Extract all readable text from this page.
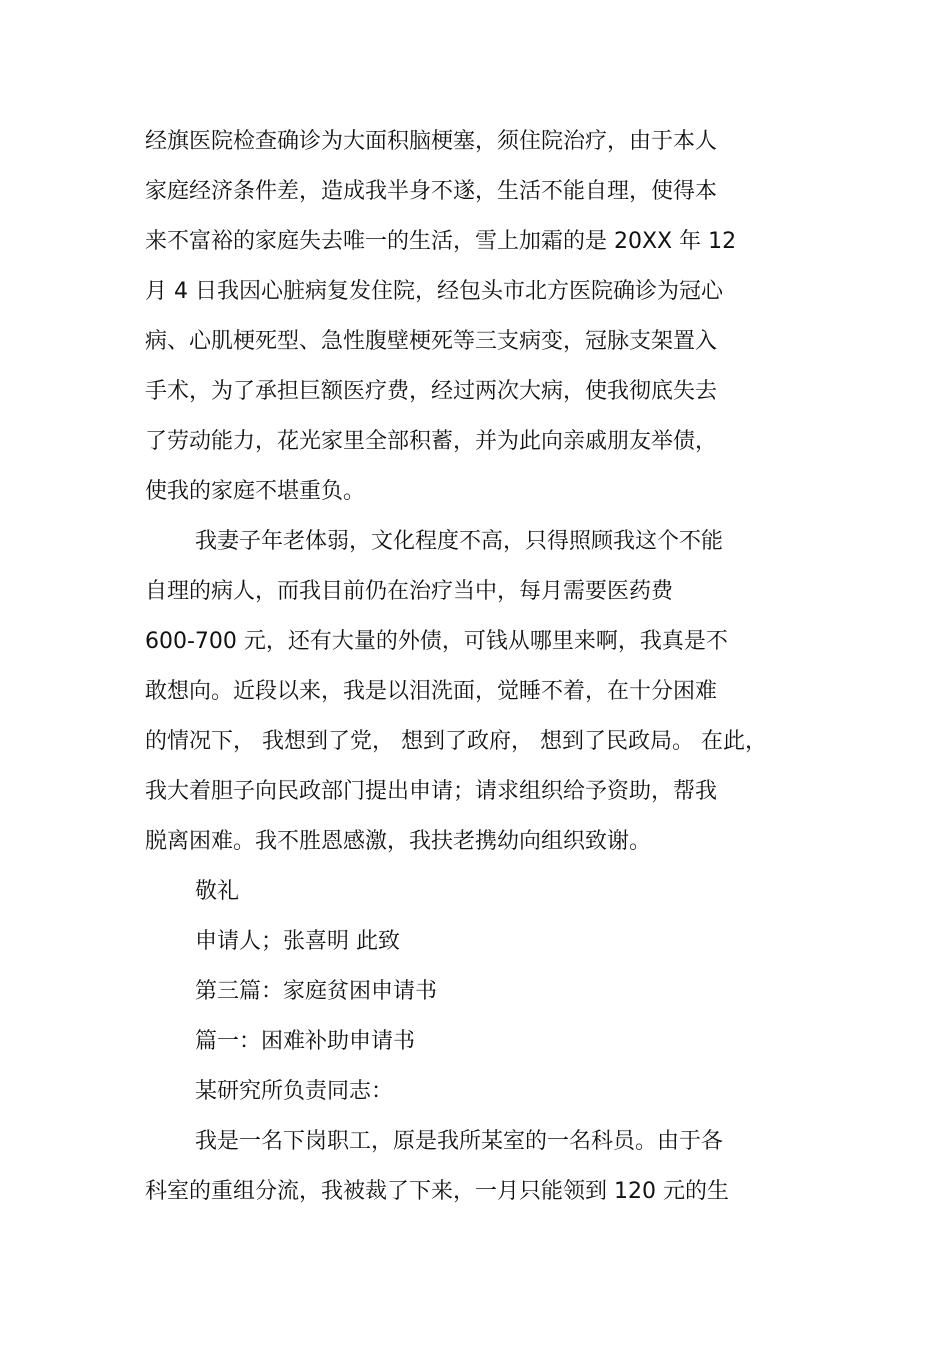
经旗医院检查确诊为大面积脑梗塞，须住院治疗，由于本人
家庭经济条件差，造成我半身不遂，生活不能自理，使得本
来不富裕的家庭失去唯一的生活，雪上加霜的是 20XX 年 12
月 4 日我因心脏病复发住院，经包头市北方医院确诊为冠心
病、心肌梗死型、急性腹壁梗死等三支病变，冠脉支架置入
手术，为了承担巨额医疗费，经过两次大病，使我彻底失去
了劳动能力，花光家里全部积蓄，并为此向亲戚朋友举债，
使我的家庭不堪重负。
我妻子年老体弱，文化程度不高，只得照顾我这个不能
自理的病人，而我目前仍在治疗当中，每月需要医药费
600-700 元，还有大量的外债，可钱从哪里来啊，我真是不
敢想向。近段以来，我是以泪洗面，觉睡不着，在十分困难
的情况下， 我想到了党， 想到了政府， 想到了民政局。 在此，
我大着胆子向民政部门提出申请；请求组织给予资助，帮我
脱离困难。我不胜恩感激，我扶老携幼向组织致谢。
敬礼
申请人；张喜明 此致
第三篇：家庭贫困申请书
篇一：困难补助申请书
某研究所负责同志：
我是一名下岗职工，原是我所某室的一名科员。由于各
科室的重组分流，我被裁了下来，一月只能领到 120 元的生
